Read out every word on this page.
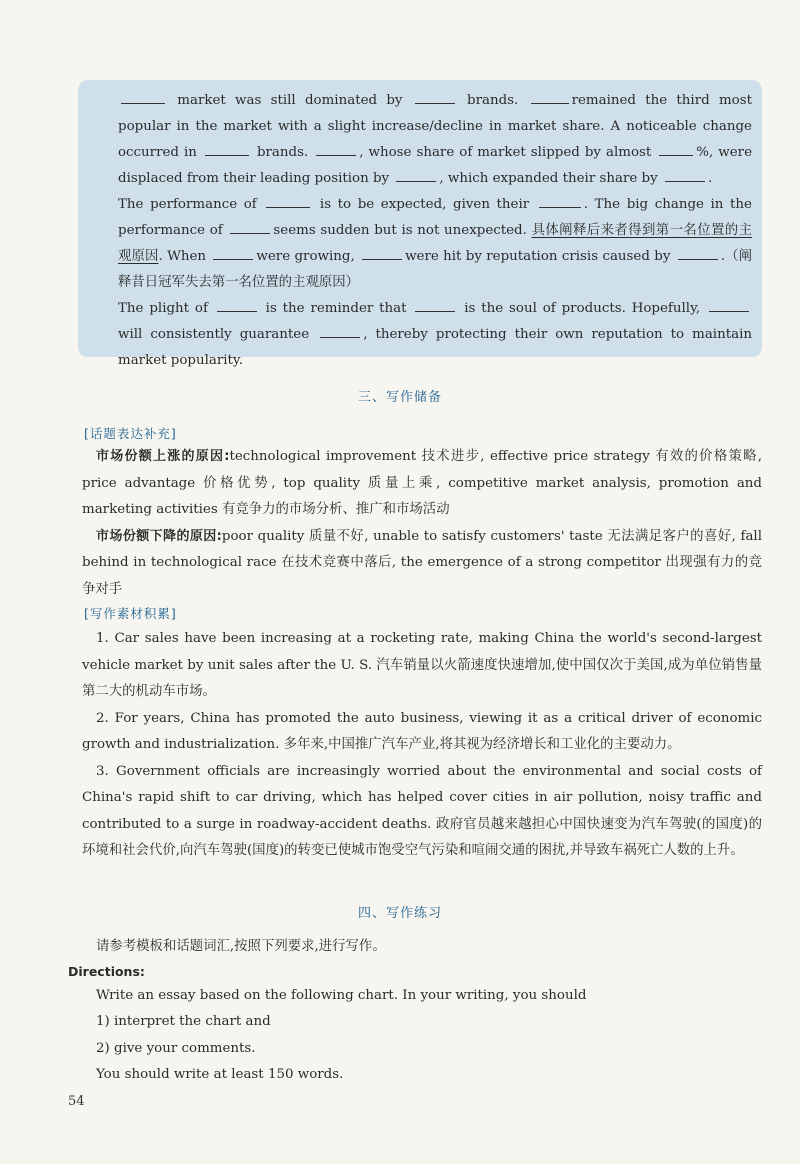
market was still dominated by	brands.	remained the third most popular in the market with a slight increase/decline in market share. A noticeable change occurred in	brands.	, whose share of market slipped by almost	%, were displaced from their leading position by	, which expanded their share by	.

The performance of	is to be expected, given their	. The big change in the performance of	seems sudden but is not unexpected. 具体阐释后来者得到第一名位置的主观原因. When	were growing,	were hit by reputation crisis caused by	.（阐释昔日冠军失去第一名位置的主观原因）

The plight of	is the reminder that	is the soul of products. Hopefully,  will consistently guarantee	, thereby protecting their own reputation to maintain market popularity.

三、写作储备
[话题表达补充]

市场份额上涨的原因:technological improvement 技术进步, effective price strategy 有效的价格策略, price advantage 价格优势, top quality 质量上乘, competitive market analysis, promotion and marketing activities 有竞争力的市场分析、推广和市场活动

市场份额下降的原因:poor quality 质量不好, unable to satisfy customers' taste 无法满足客户的喜好, fall behind in technological race 在技术竞赛中落后, the emergence of a strong competitor 出现强有力的竞争对手

[写作素材积累]

1. Car sales have been increasing at a rocketing rate, making China the world's second-largest vehicle market by unit sales after the U. S. 汽车销量以火箭速度快速增加,使中国仅次于美国,成为单位销售量第二大的机动车市场。

2. For years, China has promoted the auto business, viewing it as a critical driver of economic growth and industrialization. 多年来,中国推广汽车产业,将其视为经济增长和工业化的主要动力。

3. Government officials are increasingly worried about the environmental and social costs of China's rapid shift to car driving, which has helped cover cities in air pollution, noisy traffic and contributed to a surge in roadway-accident deaths. 政府官员越来越担心中国快速变为汽车驾驶(的国度)的环境和社会代价,向汽车驾驶(国度)的转变已使城市饱受空气污染和喧闹交通的困扰,并导致车祸死亡人数的上升。

四、写作练习

请参考模板和话题词汇,按照下列要求,进行写作。

Directions:

Write an essay based on the following chart. In your writing, you should

1) interpret the chart and

2) give your comments.

You should write at least 150 words.

54
